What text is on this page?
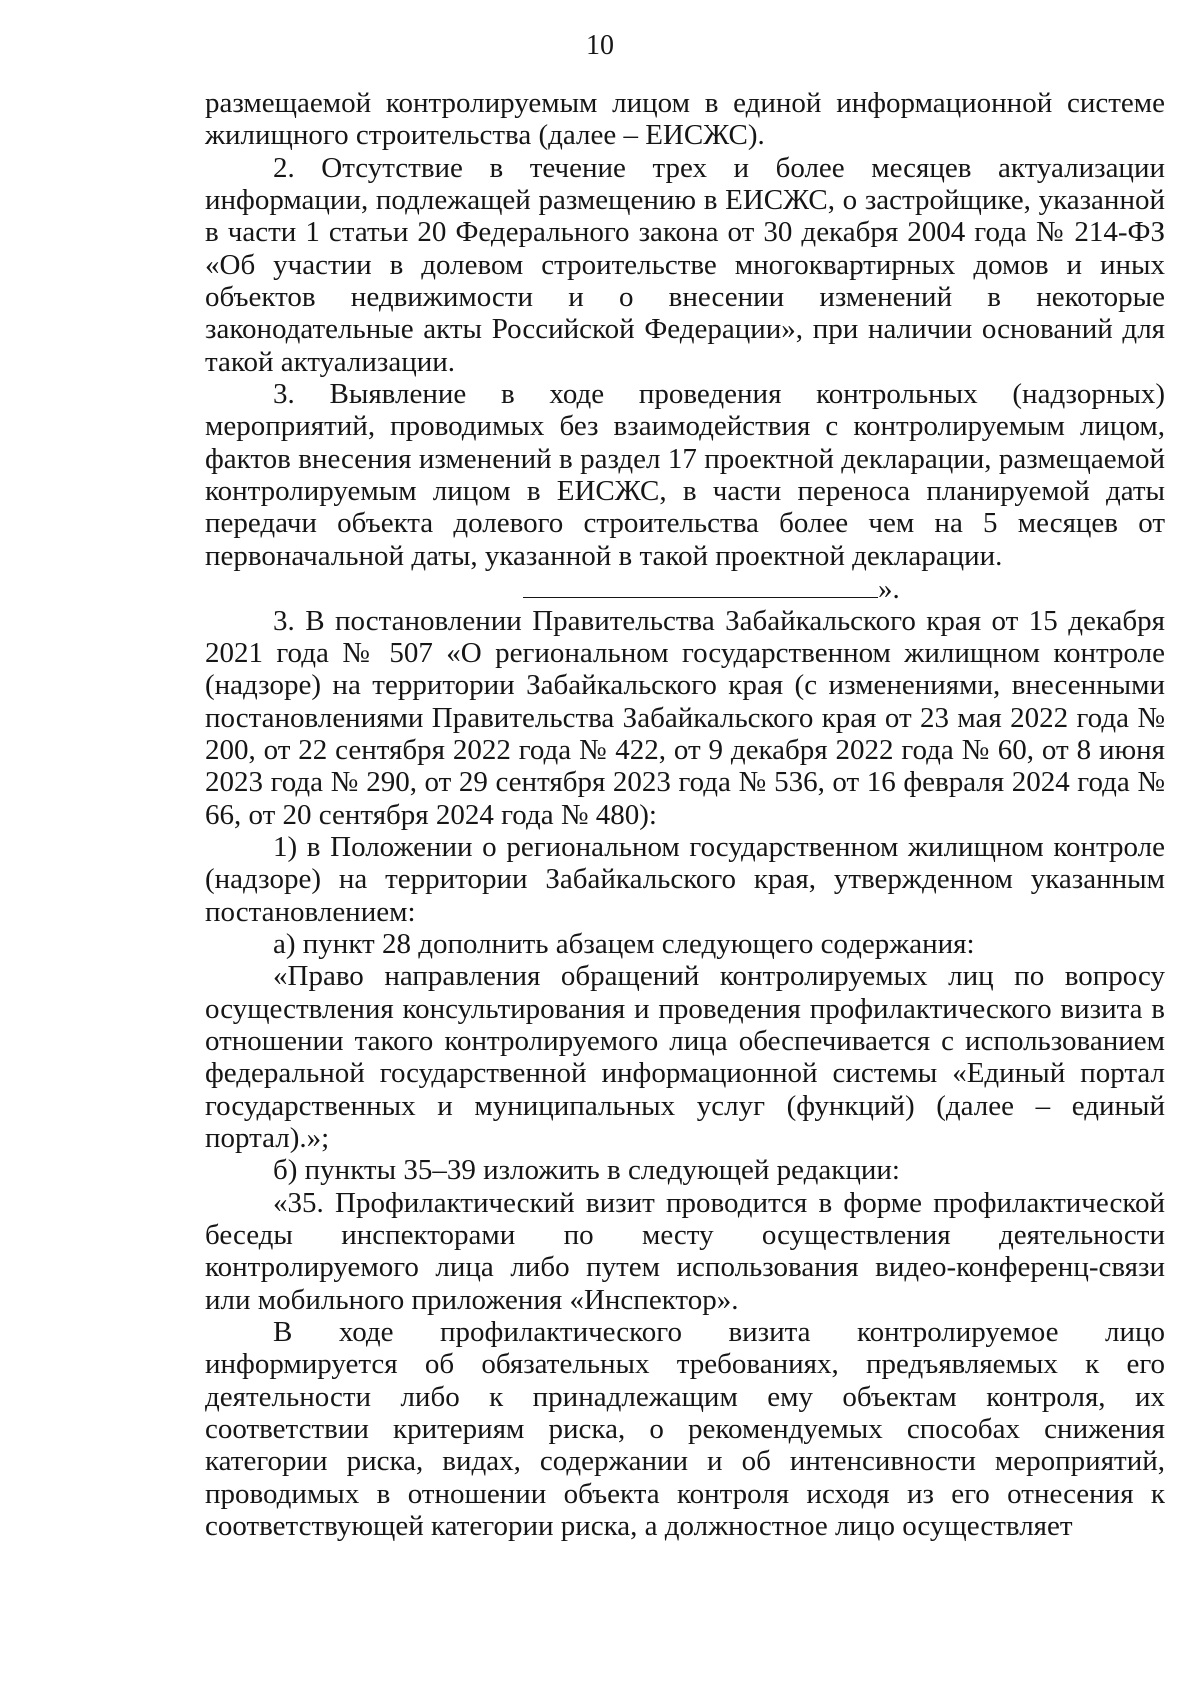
10

размещаемой контролируемым лицом в единой информационной системе жилищного строительства (далее – ЕИСЖС).

2. Отсутствие в течение трех и более месяцев актуализации информации, подлежащей размещению в ЕИСЖС, о застройщике, указанной в части 1 статьи 20 Федерального закона от 30 декабря 2004 года № 214-ФЗ «Об участии в долевом строительстве многоквартирных домов и иных объектов недвижимости и о внесении изменений в некоторые законодательные акты Российской Федерации», при наличии оснований для такой актуализации.

3. Выявление в ходе проведения контрольных (надзорных) мероприятий, проводимых без взаимодействия с контролируемым лицом, фактов внесения изменений в раздел 17 проектной декларации, размещаемой контролируемым лицом в ЕИСЖС, в части переноса планируемой даты передачи объекта долевого строительства более чем на 5 месяцев от первоначальной даты, указанной в такой проектной декларации.

».

3. В постановлении Правительства Забайкальского края от 15 декабря 2021 года № 507 «О региональном государственном жилищном контроле (надзоре) на территории Забайкальского края (с изменениями, внесенными постановлениями Правительства Забайкальского края от 23 мая 2022 года № 200, от 22 сентября 2022 года № 422, от 9 декабря 2022 года № 60, от 8 июня 2023 года № 290, от 29 сентября 2023 года № 536, от 16 февраля 2024 года № 66, от 20 сентября 2024 года № 480):

1) в Положении о региональном государственном жилищном контроле (надзоре) на территории Забайкальского края, утвержденном указанным постановлением:

а) пункт 28 дополнить абзацем следующего содержания:

«Право направления обращений контролируемых лиц по вопросу осуществления консультирования и проведения профилактического визита в отношении такого контролируемого лица обеспечивается с использованием федеральной государственной информационной системы «Единый портал государственных и муниципальных услуг (функций) (далее – единый портал).»;

б) пункты 35–39 изложить в следующей редакции:

«35. Профилактический визит проводится в форме профилактической беседы инспекторами по месту осуществления деятельности контролируемого лица либо путем использования видео-конференц-связи или мобильного приложения «Инспектор».

В ходе профилактического визита контролируемое лицо информируется об обязательных требованиях, предъявляемых к его деятельности либо к принадлежащим ему объектам контроля, их соответствии критериям риска, о рекомендуемых способах снижения категории риска, видах, содержании и об интенсивности мероприятий, проводимых в отношении объекта контроля исходя из его отнесения к соответствующей категории риска, а должностное лицо осуществляет
